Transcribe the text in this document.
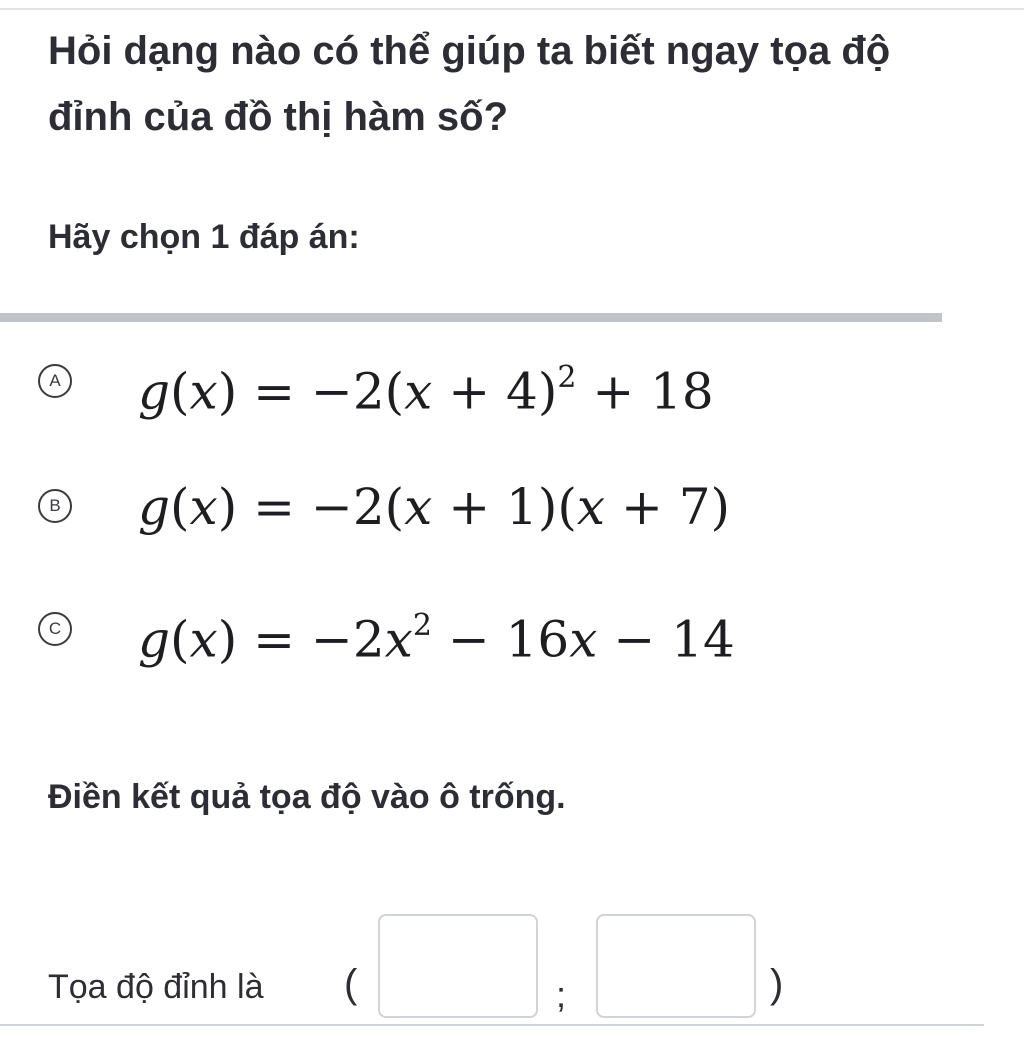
Hỏi dạng nào có thể giúp ta biết ngay tọa độ đỉnh của đồ thị hàm số?
Hãy chọn 1 đáp án:
A $g(x) = -2(x + 4)^2 + 18$
B g(x) = −2(x + 1)(x + 7)
C $g(x) = -2x^2 - 16x - 14$
Điền kết quả tọa độ vào ô trống.
Tọa độ đỉnh là (	;	)
